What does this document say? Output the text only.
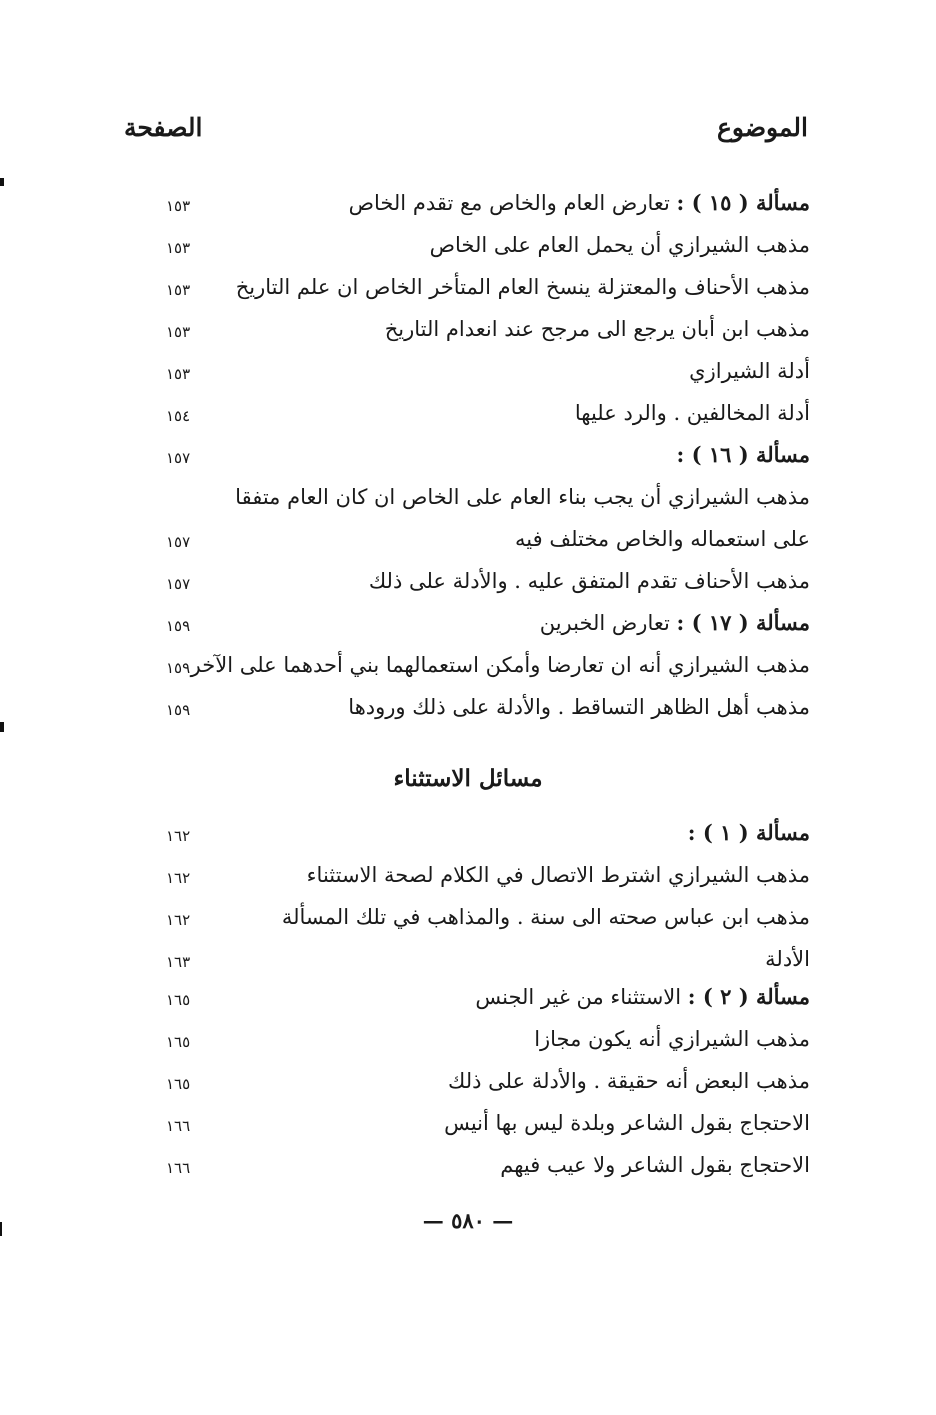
الموضوع
الصفحة
مسألة ( ١٥ ) : تعارض العام والخاص مع تقدم الخاص
١٥٣
مذهب الشيرازي أن يحمل العام على الخاص
١٥٣
مذهب الأحناف والمعتزلة ينسخ العام المتأخر الخاص ان علم التاريخ
١٥٣
مذهب ابن أبان يرجع الى مرجح عند انعدام التاريخ
١٥٣
أدلة الشيرازي
١٥٣
أدلة المخالفين . والرد عليها
١٥٤
مسألة ( ١٦ ) :
١٥٧
مذهب الشيرازي أن يجب بناء العام على الخاص ان كان العام متفقا
على استعماله والخاص مختلف فيه
١٥٧
مذهب الأحناف تقدم المتفق عليه . والأدلة على ذلك
١٥٧
مسألة ( ١٧ ) : تعارض الخبرين
١٥٩
مذهب الشيرازي أنه ان تعارضا وأمكن استعمالهما بني أحدهما على الآخر
١٥٩
مذهب أهل الظاهر التساقط . والأدلة على ذلك ورودها
١٥٩
مسائل الاستثناء
مسألة ( ١ ) :
١٦٢
مذهب الشيرازي اشترط الاتصال في الكلام لصحة الاستثناء
١٦٢
مذهب ابن عباس صحته الى سنة . والمذاهب في تلك المسألة
١٦٢
الأدلة
١٦٣
مسألة ( ٢ ) : الاستثناء من غير الجنس
١٦٥
مذهب الشيرازي أنه يكون مجازا
١٦٥
مذهب البعض أنه حقيقة . والأدلة على ذلك
١٦٥
الاحتجاج بقول الشاعر وبلدة ليس بها أنيس
١٦٦
الاحتجاج بقول الشاعر ولا عيب فيهم
١٦٦
— ٥٨٠ —
